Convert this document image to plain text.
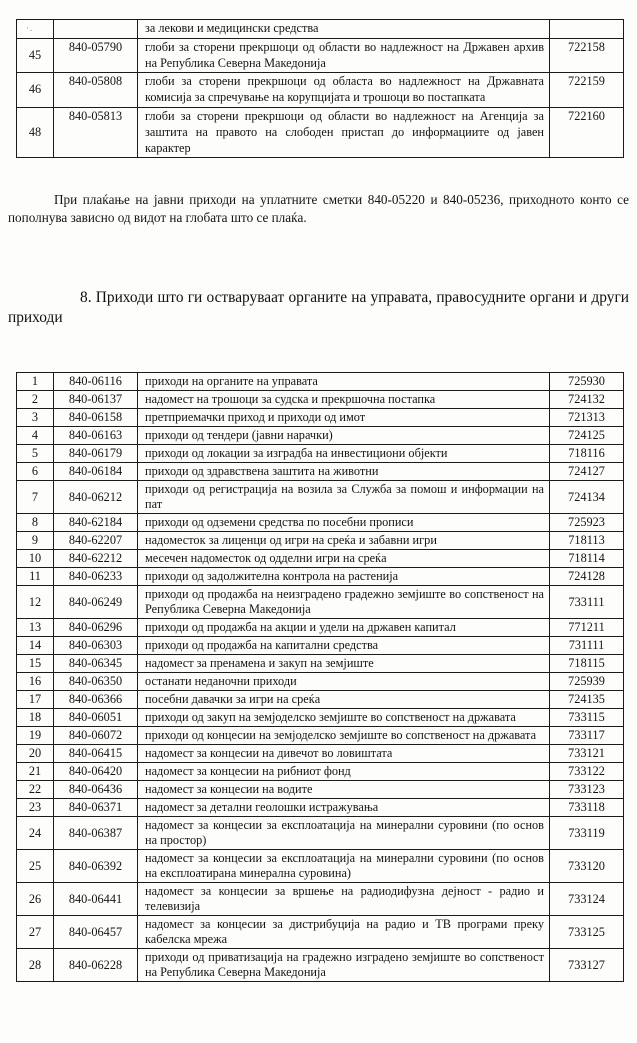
·.
			за лекови и медицински средства	
45	840-05790	глоби за сторени прекршоци од области во надлежност на Државен архив на Република Северна Македонија	722158
46	840-05808	глоби за сторени прекршоци од областа во надлежност на Државната комисија за спречување на корупцијата и трошоци во постапката	722159
48	840-05813	глоби за сторени прекршоци од области во надлежност на Агенција за заштита на правото на слободен пристап до информациите од јавен карактер	722160

При плаќање на јавни приходи на уплатните сметки 840-05220 и 840-05236, приходното конто се пополнува зависно од видот на глобата што се плаќа.

8. Приходи што ги остваруваат органите на управата, правосудните органи и други приходи

1	840-06116	приходи на органите на управата	725930
2	840-06137	надомест на трошоци за судска и прекршочна постапка	724132
3	840-06158	претприемачки приход и приходи од имот	721313
4	840-06163	приходи од тендери (јавни нарачки)	724125
5	840-06179	приходи од локации за изградба на инвестициони објекти	718116
6	840-06184	приходи од здравствена заштита на животни	724127
7	840-06212	приходи од регистрација на возила за Служба за помош и информации на пат	724134
8	840-62184	приходи од одземени средства по посебни прописи	725923
9	840-62207	надоместок за лиценци од игри на среќа и забавни игри	718113
10	840-62212	месечен надоместок од одделни игри на среќа	718114
11	840-06233	приходи од задолжителна контрола на растенија	724128
12	840-06249	приходи од продажба на неизградено градежно земјиште во сопственост на Република Северна Македонија	733111
13	840-06296	приходи од продажба на акции и удели на државен капитал	771211
14	840-06303	приходи од продажба на капитални средства	731111
15	840-06345	надомест за пренамена и закуп на земјиште	718115
16	840-06350	останати неданочни приходи	725939
17	840-06366	посебни давачки за игри на среќа	724135
18	840-06051	приходи од закуп на земјоделско земјиште во сопственост на државата	733115
19	840-06072	приходи од концесии на земјоделско земјиште во сопственост на државата	733117
20	840-06415	надомест за концесии на дивечот во ловиштата	733121
21	840-06420	надомест за концесии на рибниот фонд	733122
22	840-06436	надомест за концесии на водите	733123
23	840-06371	надомест за детални геолошки истражувања	733118
24	840-06387	надомест за концесии за експлоатација на минерални суровини (по основ на простор)	733119
25	840-06392	надомест за концесии за експлоатација на минерални суровини (по основ на експлоатирана минерална суровина)	733120
26	840-06441	надомест за концесии за вршење на радиодифузна дејност - радио и телевизија	733124
27	840-06457	надомест за концесии за дистрибуција на радио и ТВ програми преку кабелска мрежа	733125
28	840-06228	приходи од приватизација на градежно изградено земјиште во сопственост на Република Северна Македонија	733127
